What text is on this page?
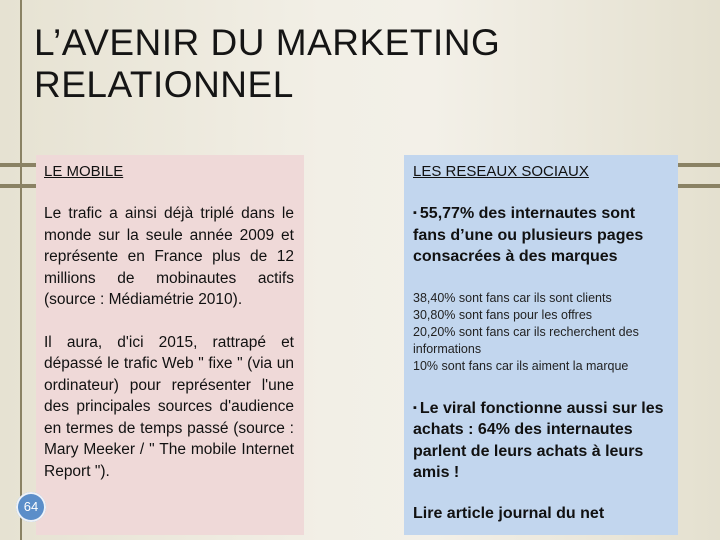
L’AVENIR DU MARKETING
RELATIONNEL
LE MOBILE

Le trafic a ainsi déjà triplé dans le monde sur la seule année 2009 et représente en France plus de 12 millions de mobinautes actifs (source : Médiamétrie 2010).

Il aura, d'ici 2015, rattrapé et dépassé le trafic Web " fixe " (via un ordinateur) pour représenter l'une des principales sources d'audience en termes de temps passé (source : Mary Meeker / " The mobile Internet Report ").

LES RESEAUX SOCIAUX

▪ 55,77% des internautes sont fans d’une ou plusieurs pages consacrées à des marques

38,40% sont fans car ils sont clients
30,80% sont fans pour les offres
20,20% sont fans car ils recherchent des informations
10% sont fans car ils aiment la marque

▪ Le viral fonctionne aussi sur les achats : 64% des internautes parlent de leurs achats à leurs amis !

Lire article journal du net
64
